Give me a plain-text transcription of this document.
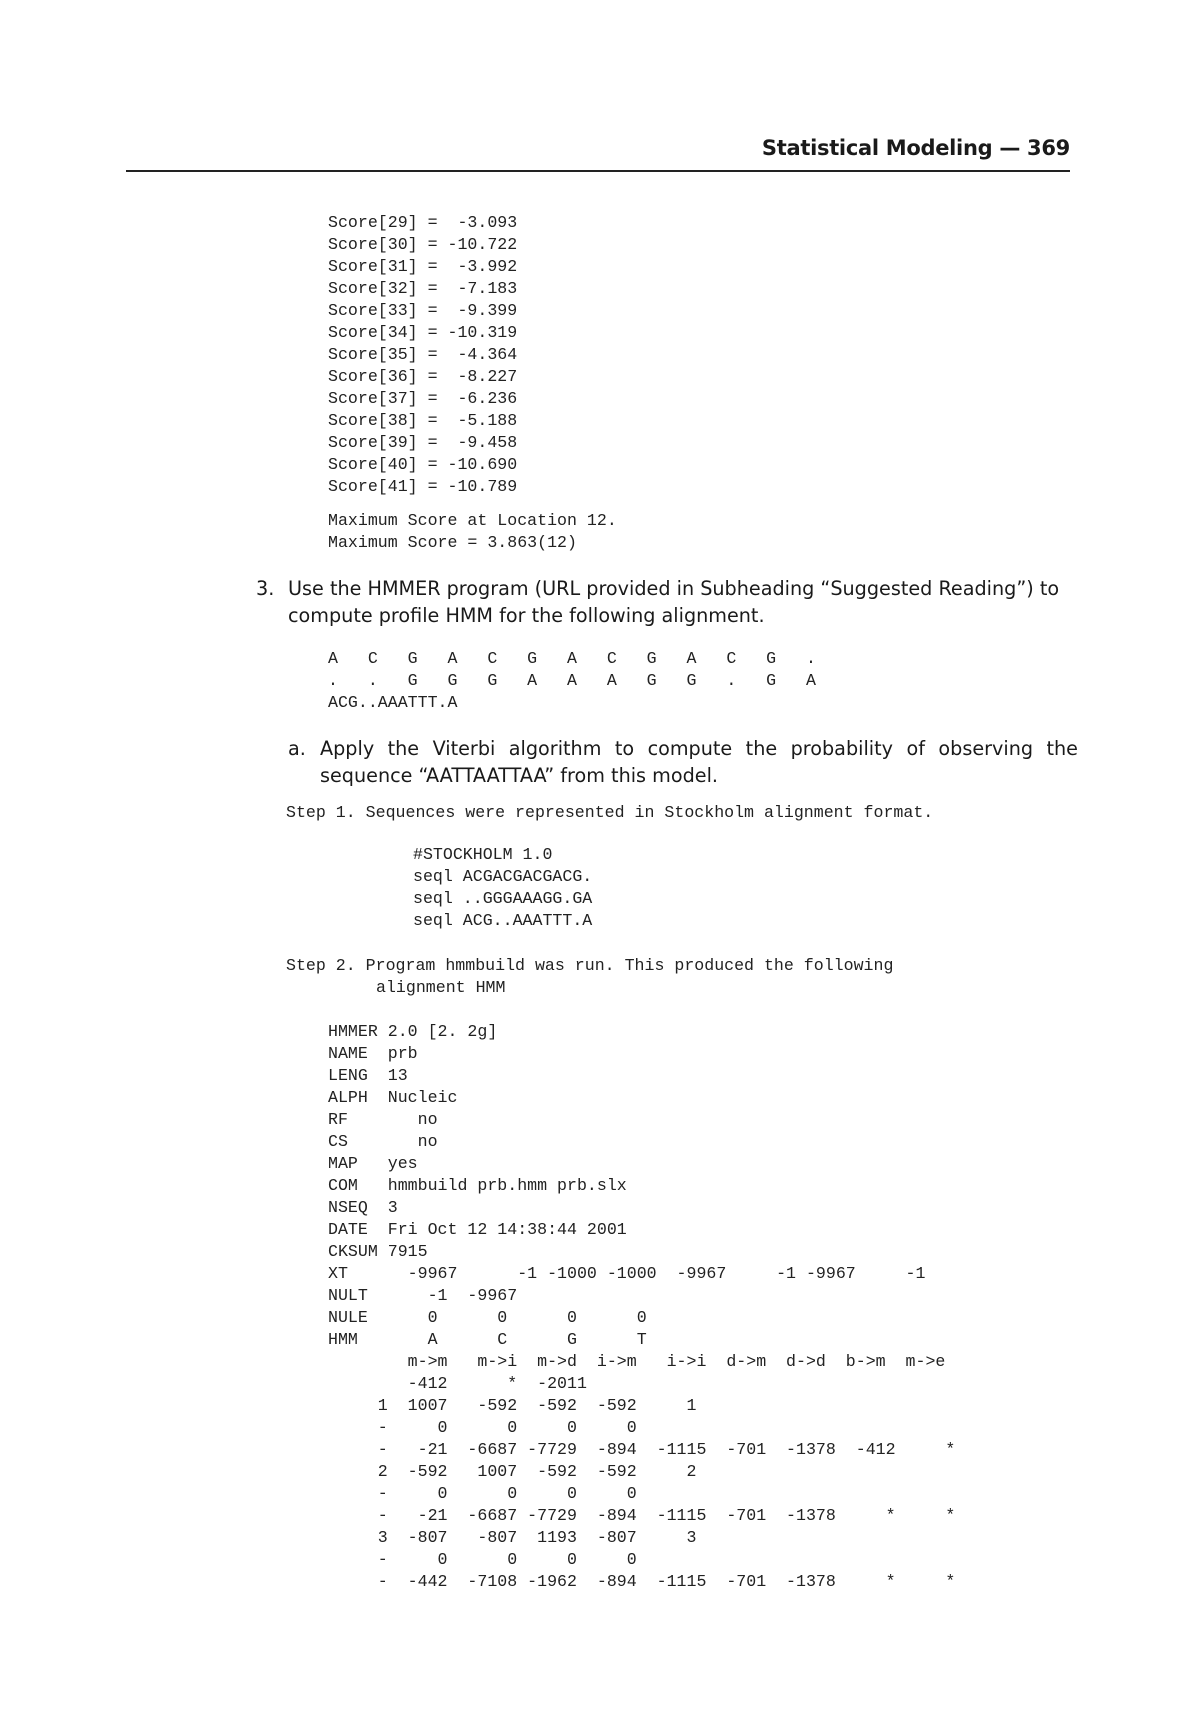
Statistical Modeling — 369
Score[29] =  -3.093
Score[30] = -10.722
Score[31] =  -3.992
Score[32] =  -7.183
Score[33] =  -9.399
Score[34] = -10.319
Score[35] =  -4.364
Score[36] =  -8.227
Score[37] =  -6.236
Score[38] =  -5.188
Score[39] =  -9.458
Score[40] = -10.690
Score[41] = -10.789
Maximum Score at Location 12.
Maximum Score = 3.863(12)
3. Use the HMMER program (URL provided in Subheading “Suggested Reading”) to compute profile HMM for the following alignment.
A   C   G   A   C   G   A   C   G   A   C   G   .
.   .   G   G   G   A   A   A   G   G   .   G   A
ACG..AAATTT.A
a. Apply the Viterbi algorithm to compute the probability of observing the sequence “AATTAATTAA” from this model.
Step 1. Sequences were represented in Stockholm alignment format.
#STOCKHOLM 1.0
seql ACGACGACGACG.
seql ..GGGAAAGG.GA
seql ACG..AAATTT.A
Step 2. Program hmmbuild was run. This produced the following
alignment HMM
HMMER 2.0 [2. 2g]
NAME  prb
LENG  13
ALPH  Nucleic
RF       no
CS       no
MAP   yes
COM   hmmbuild prb.hmm prb.slx
NSEQ  3
DATE  Fri Oct 12 14:38:44 2001
CKSUM 7915
XT      -9967      -1 -1000 -1000  -9967     -1 -9967     -1
NULT      -1  -9967
NULE      0      0      0      0
HMM       A      C      G      T
m->m   m->i  m->d  i->m   i->i  d->m  d->d  b->m  m->e
-412      *  -2011
1  1007   -592  -592  -592     1
-     0      0     0     0
-   -21  -6687 -7729  -894  -1115  -701  -1378  -412     *
2  -592   1007  -592  -592     2
-     0      0     0     0
-   -21  -6687 -7729  -894  -1115  -701  -1378     *     *
3  -807   -807  1193  -807     3
-     0      0     0     0
-  -442  -7108 -1962  -894  -1115  -701  -1378     *     *
